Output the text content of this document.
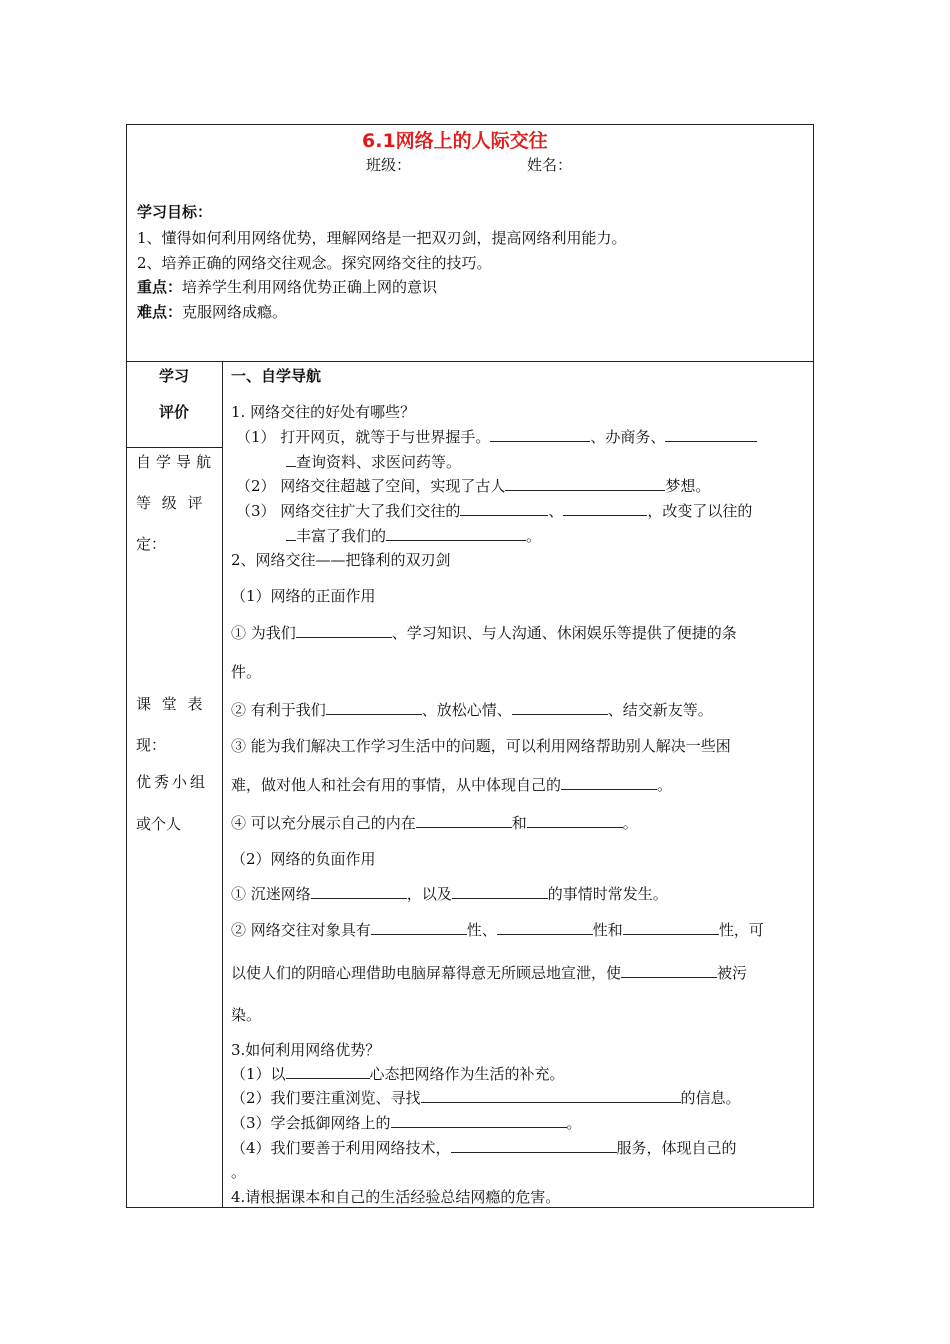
6.1网络上的人际交往
班级：	姓名：
学习目标：
1、懂得如何利用网络优势，理解网络是一把双刃剑，提高网络利用能力。
2、培养正确的网络交往观念。探究网络交往的技巧。
重点：培养学生利用网络优势正确上网的意识
难点：克服网络成瘾。
学习
评价
自学导航
等 级 评
定：
课 堂 表
现：
优秀小组
或个人
一、自学导航
1. 网络交往的好处有哪些？
（1） 打开网页，就等于与世界握手。	、办商务、
查询资料、求医问药等。
（2） 网络交往超越了空间，实现了古人	梦想。
（3） 网络交往扩大了我们交往的	、	，改变了以往的
丰富了我们的	。
2、网络交往——把锋利的双刃剑
（1）网络的正面作用
① 为我们	、学习知识、与人沟通、休闲娱乐等提供了便捷的条
件。
② 有利于我们	、放松心情、	、结交新友等。
③ 能为我们解决工作学习生活中的问题，可以利用网络帮助别人解决一些困
难，做对他人和社会有用的事情，从中体现自己的	。
④ 可以充分展示自己的内在	和	。
（2）网络的负面作用
① 沉迷网络	，以及	的事情时常发生。
② 网络交往对象具有	性、	性和	性，可
以使人们的阴暗心理借助电脑屏幕得意无所顾忌地宣泄，使	被污
染。
3.如何利用网络优势？
（1）以	心态把网络作为生活的补充。
（2）我们要注重浏览、寻找	的信息。
（3）学会抵御网络上的	。
（4）我们要善于利用网络技术，	服务，体现自己的
。
4.请根据课本和自己的生活经验总结网瘾的危害。
